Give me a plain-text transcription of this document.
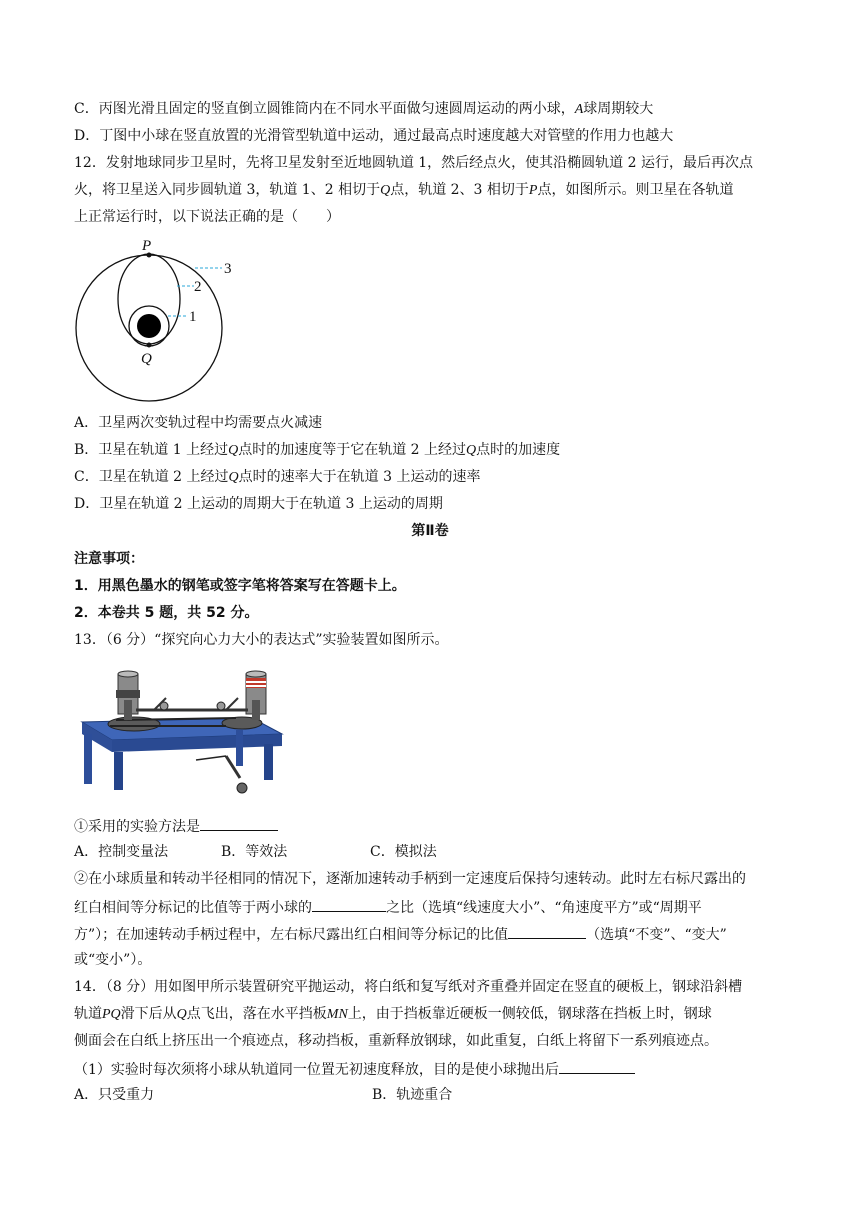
C．丙图光滑且固定的竖直倒立圆锥筒内在不同水平面做匀速圆周运动的两小球，A球周期较大
D．丁图中小球在竖直放置的光滑管型轨道中运动，通过最高点时速度越大对管壁的作用力也越大
12．发射地球同步卫星时，先将卫星发射至近地圆轨道 1，然后经点火，使其沿椭圆轨道 2 运行，最后再次点
火，将卫星送入同步圆轨道 3，轨道 1、2 相切于Q点，轨道 2、3 相切于P点，如图所示。则卫星在各轨道
上正常运行时，以下说法正确的是（　　）
P
Q
3
2
1
A．卫星两次变轨过程中均需要点火减速
B．卫星在轨道 1 上经过Q点时的加速度等于它在轨道 2 上经过Q点时的加速度
C．卫星在轨道 2 上经过Q点时的速率大于在轨道 3 上运动的速率
D．卫星在轨道 2 上运动的周期大于在轨道 3 上运动的周期
第Ⅱ卷
注意事项：
1．用黑色墨水的钢笔或签字笔将答案写在答题卡上。
2．本卷共 5 题，共 52 分。
13．（6 分）“探究向心力大小的表达式”实验装置如图所示。
①采用的实验方法是
A．控制变量法	B．等效法	C．模拟法
②在小球质量和转动半径相同的情况下，逐渐加速转动手柄到一定速度后保持匀速转动。此时左右标尺露出的
红白相间等分标记的比值等于两小球的	之比（选填“线速度大小”、“角速度平方”或“周期平
方”）；在加速转动手柄过程中，左右标尺露出红白相间等分标记的比值	（选填“不变”、“变大”
或“变小”）。
14．（8 分）用如图甲所示装置研究平抛运动，将白纸和复写纸对齐重叠并固定在竖直的硬板上，钢球沿斜槽
轨道PQ滑下后从Q点飞出，落在水平挡板MN上，由于挡板靠近硬板一侧较低，钢球落在挡板上时，钢球
侧面会在白纸上挤压出一个痕迹点，移动挡板，重新释放钢球，如此重复，白纸上将留下一系列痕迹点。
（1）实验时每次须将小球从轨道同一位置无初速度释放，目的是使小球抛出后
A．只受重力	B．轨迹重合
